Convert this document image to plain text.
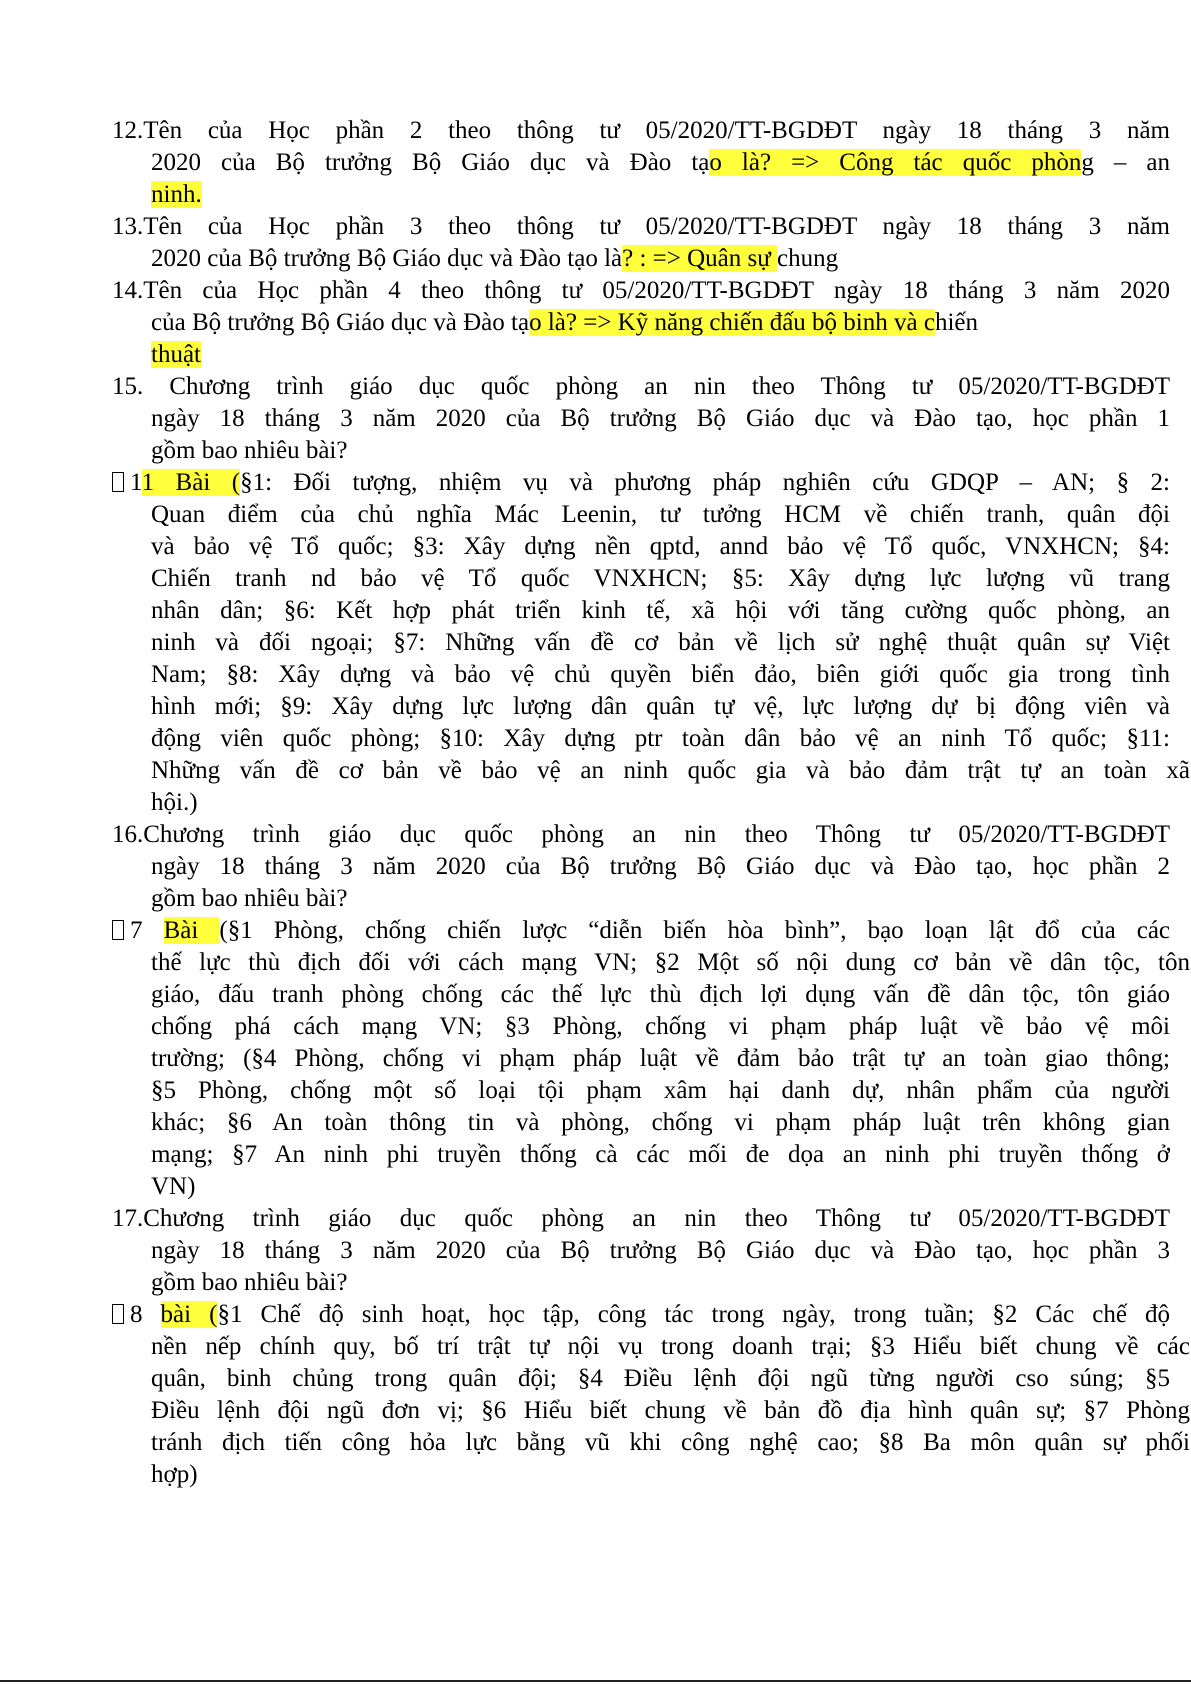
12.Tên của Học phần 2 theo thông tư 05/2020/TT-BGDĐT ngày 18 tháng 3 năm
2020 của Bộ trưởng Bộ Giáo dục và Đào tạo là? => Công tác quốc phòng – an
ninh.
13.Tên của Học phần 3 theo thông tư 05/2020/TT-BGDĐT ngày 18 tháng 3 năm
2020 của Bộ trưởng Bộ Giáo dục và Đào tạo là? : => Quân sự chung
14.Tên của Học phần 4 theo thông tư 05/2020/TT-BGDĐT ngày 18 tháng 3 năm 2020
của Bộ trưởng Bộ Giáo dục và Đào tạo là? => Kỹ năng chiến đấu bộ binh và chiến
thuật
15. Chương trình giáo dục quốc phòng an nin theo Thông tư 05/2020/TT-BGDĐT
ngày 18 tháng 3 năm 2020 của Bộ trưởng Bộ Giáo dục và Đào tạo, học phần 1
gồm bao nhiêu bài?
11 Bài (§1: Đối tượng, nhiệm vụ và phương pháp nghiên cứu GDQP – AN; § 2:
Quan điểm của chủ nghĩa Mác Leenin, tư tưởng HCM về chiến tranh, quân đội
và bảo vệ Tổ quốc; §3: Xây dựng nền qptd, annd bảo vệ Tổ quốc, VNXHCN; §4:
Chiến tranh nd bảo vệ Tổ quốc VNXHCN; §5: Xây dựng lực lượng vũ trang
nhân dân; §6: Kết hợp phát triển kinh tế, xã hội với tăng cường quốc phòng, an
ninh và đối ngoại; §7: Những vấn đề cơ bản về lịch sử nghệ thuật quân sự Việt
Nam; §8: Xây dựng và bảo vệ chủ quyền biển đảo, biên giới quốc gia trong tình
hình mới; §9: Xây dựng lực lượng dân quân tự vệ, lực lượng dự bị động viên và
động viên quốc phòng; §10: Xây dựng ptr toàn dân bảo vệ an ninh Tổ quốc; §11:
Những vấn đề cơ bản về bảo vệ an ninh quốc gia và bảo đảm trật tự an toàn xã
hội.)
16.Chương trình giáo dục quốc phòng an nin theo Thông tư 05/2020/TT-BGDĐT
ngày 18 tháng 3 năm 2020 của Bộ trưởng Bộ Giáo dục và Đào tạo, học phần 2
gồm bao nhiêu bài?
7 Bài (§1 Phòng, chống chiến lược “diễn biến hòa bình”, bạo loạn lật đổ của các
thế lực thù địch đối với cách mạng VN; §2 Một số nội dung cơ bản về dân tộc, tôn
giáo, đấu tranh phòng chống các thế lực thù địch lợi dụng vấn đề dân tộc, tôn giáo
chống phá cách mạng VN; §3 Phòng, chống vi phạm pháp luật về bảo vệ môi
trường; (§4 Phòng, chống vi phạm pháp luật về đảm bảo trật tự an toàn giao thông;
§5 Phòng, chống một số loại tội phạm xâm hại danh dự, nhân phẩm của người
khác; §6 An toàn thông tin và phòng, chống vi phạm pháp luật trên không gian
mạng; §7 An ninh phi truyền thống cà các mối đe dọa an ninh phi truyền thống ở
VN)
17.Chương trình giáo dục quốc phòng an nin theo Thông tư 05/2020/TT-BGDĐT
ngày 18 tháng 3 năm 2020 của Bộ trưởng Bộ Giáo dục và Đào tạo, học phần 3
gồm bao nhiêu bài?
8 bài (§1 Chế độ sinh hoạt, học tập, công tác trong ngày, trong tuần; §2 Các chế độ
nền nếp chính quy, bố trí trật tự nội vụ trong doanh trại; §3 Hiểu biết chung về các
quân, binh chủng trong quân đội; §4 Điều lệnh đội ngũ từng người cso súng; §5
Điều lệnh đội ngũ đơn vị; §6 Hiểu biết chung về bản đồ địa hình quân sự; §7 Phòng
tránh địch tiến công hỏa lực bằng vũ khi công nghệ cao; §8 Ba môn quân sự phối
hợp)
